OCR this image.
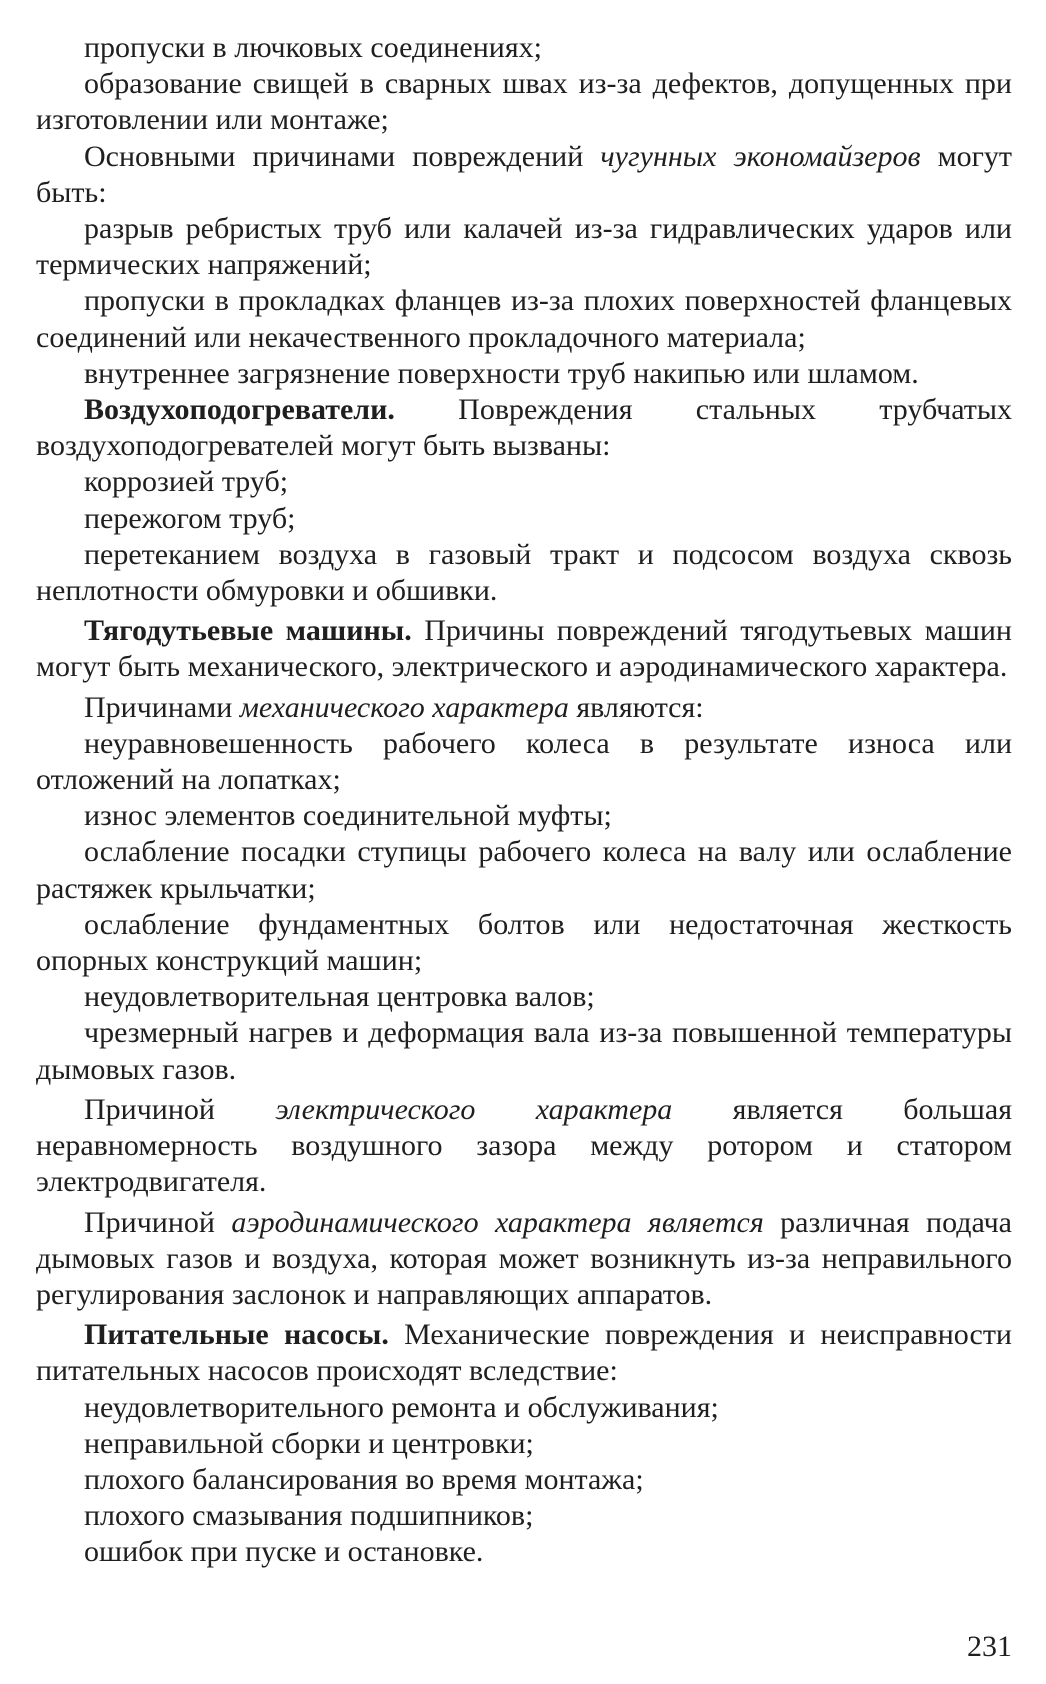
пропуски в лючковых соединениях;

образование свищей в сварных швах из-за дефектов, допущенных при изготовлении или монтаже;

Основными причинами повреждений чугунных экономайзеров могут быть:

разрыв ребристых труб или калачей из-за гидравлических ударов или термических напряжений;

пропуски в прокладках фланцев из-за плохих поверхностей фланцевых соединений или некачественного прокладочного материала;

внутреннее загрязнение поверхности труб накипью или шламом.

Воздухоподогреватели. Повреждения стальных трубчатых воздухоподогревателей могут быть вызваны:

коррозией труб;

пережогом труб;

перетеканием воздуха в газовый тракт и подсосом воздуха сквозь неплотности обмуровки и обшивки.

Тягодутьевые машины. Причины повреждений тягодутьевых машин могут быть механического, электрического и аэродинамического характера.

Причинами механического характера являются:

неуравновешенность рабочего колеса в результате износа или отложений на лопатках;

износ элементов соединительной муфты;

ослабление посадки ступицы рабочего колеса на валу или ослабление растяжек крыльчатки;

ослабление фундаментных болтов или недостаточная жесткость опорных конструкций машин;

неудовлетворительная центровка валов;

чрезмерный нагрев и деформация вала из-за повышенной температуры дымовых газов.

Причиной электрического характера является большая неравномерность воздушного зазора между ротором и статором электродвигателя.

Причиной аэродинамического характера является различная подача дымовых газов и воздуха, которая может возникнуть из-за неправильного регулирования заслонок и направляющих аппаратов.

Питательные насосы. Механические повреждения и неисправности питательных насосов происходят вследствие:

неудовлетворительного ремонта и обслуживания;

неправильной сборки и центровки;

плохого балансирования во время монтажа;

плохого смазывания подшипников;

ошибок при пуске и остановке.

231
